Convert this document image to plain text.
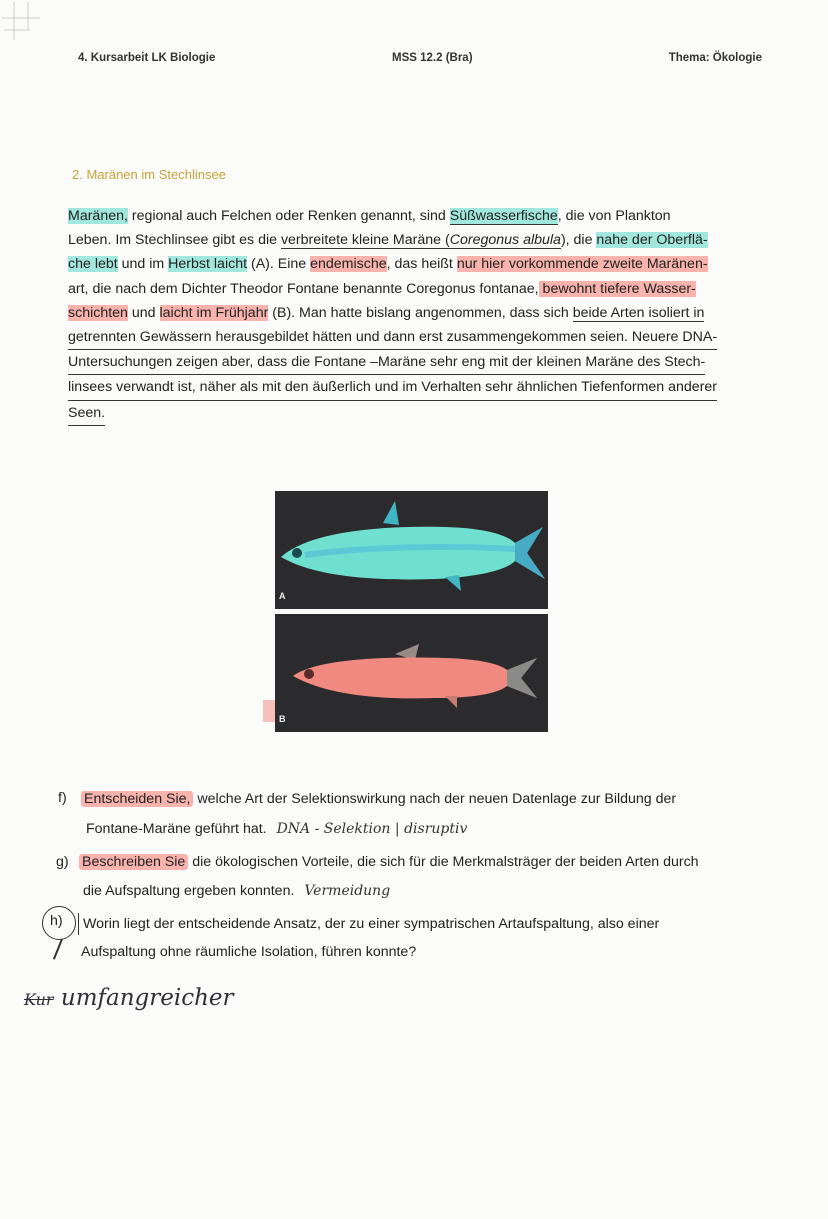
4. Kursarbeit LK Biologie	MSS 12.2 (Bra)	Thema: Ökologie
2. Maränen im Stechlinsee
Maränen, regional auch Felchen oder Renken genannt, sind Süßwasserfische, die von Plankton
Leben. Im Stechlinsee gibt es die verbreitete kleine Maräne (Coregonus albula), die nahe der Oberflä-
che lebt und im Herbst laicht (A). Eine endemische, das heißt nur hier vorkommende zweite Maränen-
art, die nach dem Dichter Theodor Fontane benannte Coregonus fontanae, bewohnt tiefere Wasser-
schichten und laicht im Frühjahr (B). Man hatte bislang angenommen, dass sich beide Arten isoliert in
getrennten Gewässern herausgebildet hätten und dann erst zusammengekommen seien. Neuere DNA-
Untersuchungen zeigen aber, dass die Fontane –Maräne sehr eng mit der kleinen Maräne des Stech-
linsees verwandt ist, näher als mit den äußerlich und im Verhalten sehr ähnlichen Tiefenformen anderer
Seen.
A
B
f) Entscheiden Sie, welche Art der Selektionswirkung nach der neuen Datenlage zur Bildung der
Fontane-Maräne geführt hat. DNA - Selektion | disruptiv
g) Beschreiben Sie die ökologischen Vorteile, die sich für die Merkmalsträger der beiden Arten durch
die Aufspaltung ergeben konnten. Vermeidung
h)	Worin liegt der entscheidende Ansatz, der zu einer sympatrischen Artaufspaltung, also einer
Aufspaltung ohne räumliche Isolation, führen konnte?
Kur umfangreicher
